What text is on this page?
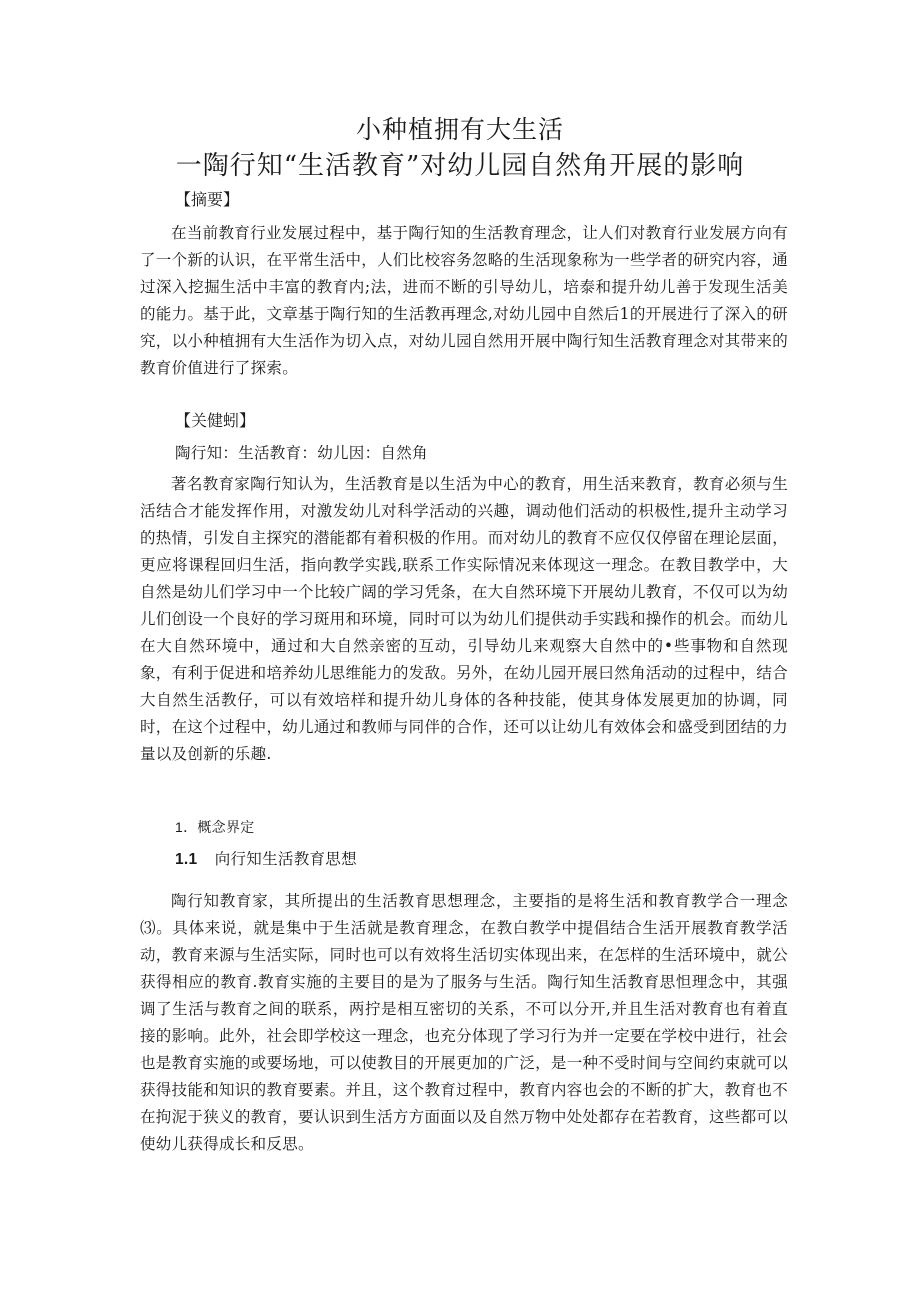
小种植拥有大生活
一陶行知“生活教育”对幼儿园自然角开展的影响
【摘要】

在当前教育行业发展过程中，基于陶行知的生活教育理念，让人们对教育行业发展方向有了一个新的认识，在平常生活中，人们比校容务忽略的生活现象称为一些学者的研究内容，通过深入挖掘生活中丰富的教育内;法，进而不断的引导幼儿，培泰和提升幼儿善于发现生活美的能力。基于此，文章基于陶行知的生活教再理念,对幼儿园中自然后1的开展进行了深入的研究，以小种植拥有大生活作为切入点，对幼儿园自然用开展中陶行知生活教育理念对其带来的教育价值进行了探索。

【关健蚓】
陶行知：生活教育：幼儿因：自然角

著名教育家陶行知认为，生活教育是以生活为中心的教育，用生活来教育，教育必须与生活结合才能发挥作用，对激发幼儿对科学活动的兴趣，调动他们活动的枳极性,提升主动学习的热情，引发自主探究的潜能都有着积极的作用。而对幼儿的教育不应仅仅停留在理论层面，更应将课程回归生活，指向教学实践,联系工作实际情况来体现这一理念。在教目教学中，大自然是幼儿们学习中一个比较广阔的学习凭条，在大自然环境下开展幼儿教育，不仅可以为幼儿们创设一个良好的学习斑用和环境，同时可以为幼儿们提供动手实践和操作的机会。而幼儿在大自然环境中，通过和大自然亲密的互动，引导幼儿来观察大自然中的•些事物和自然现象，有利于促进和培养幼儿思维能力的发敌。另外，在幼儿园开展曰然角活动的过程中，结合大自然生活教仔，可以有效培样和提升幼儿身体的各种技能，使其身体发展更加的协调，同时，在这个过程中，幼儿通过和教师与同伴的合作，还可以让幼儿有效体会和盛受到团结的力量以及创新的乐趣.

1．概念界定
1.1 向行知生活教育思想

陶行知教育家，其所提出的生活教育思想理念，主要指的是将生活和教育教学合一理念⑶。具体来说，就是集中于生活就是教育理念，在教白教学中提倡结合生活开展教育教学活动，教育来源与生活实际，同时也可以有效将生活切实体现出来，在怎样的生活环境中，就公获得相应的教育.教育实施的主要目的是为了服务与生活。陶行知生活教育思怛理念中，其强调了生活与教育之间的联系，两拧是相互密切的关系，不可以分开,并且生活对教育也有着直接的影响。此外，社会即学校这一理念，也充分体现了学习行为并一定要在学校中进行，社会也是教育实施的或要场地，可以使教目的开展更加的广泛，是一种不受时间与空间约束就可以获得技能和知识的教育要素。并且，这个教育过程中，教育内容也会的不断的扩大，教育也不在拘泥于狭义的教育，要认识到生活方方面面以及自然万物中处处都存在若教育，这些都可以使幼儿获得成长和反思。
